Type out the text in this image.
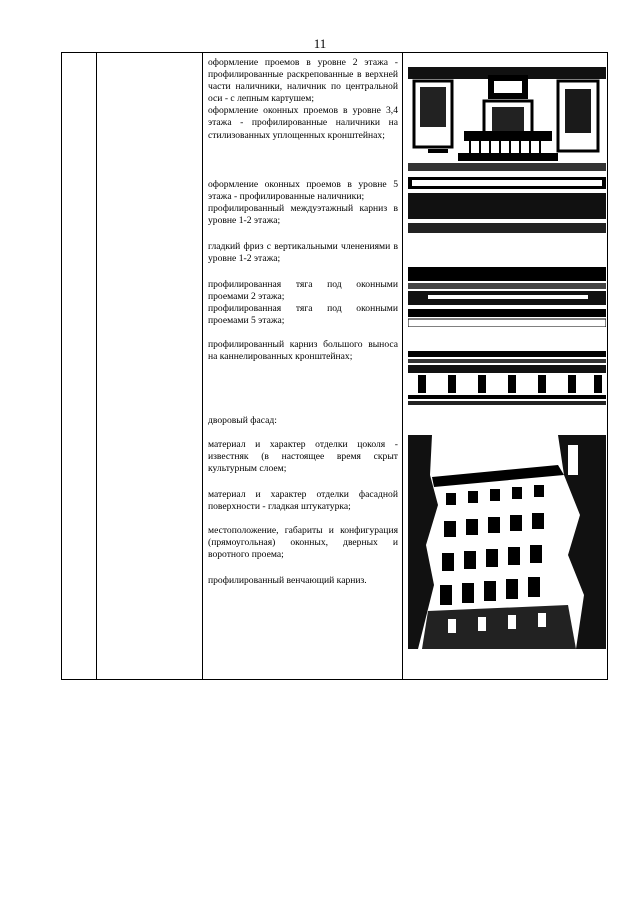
11

оформление проемов в уровне 2 этажа - профилированные раскрепованные в верхней части наличники, наличник по центральной оси - с лепным картушем;

оформление оконных проемов в уровне 3,4 этажа - профилированные наличники на стилизованных уплощенных кронштейнах;

оформление оконных проемов в уровне 5 этажа - профилированные наличники;

профилированный междуэтажный карниз в уровне 1-2 этажа;

гладкий фриз с вертикальными членениями в уровне 1-2 этажа;

профилированная тяга под оконными проемами 2 этажа;

профилированная тяга под оконными проемами 5 этажа;

профилированный карниз большого выноса на каннелированных кронштейнах;

дворовый фасад:

материал и характер отделки цоколя - известняк (в настоящее время скрыт культурным слоем;

материал и характер отделки фасадной поверхности - гладкая штукатурка;

местоположение, габариты и конфигурация (прямоугольная) оконных, дверных и воротного проема;

профилированный венчающий карниз.
